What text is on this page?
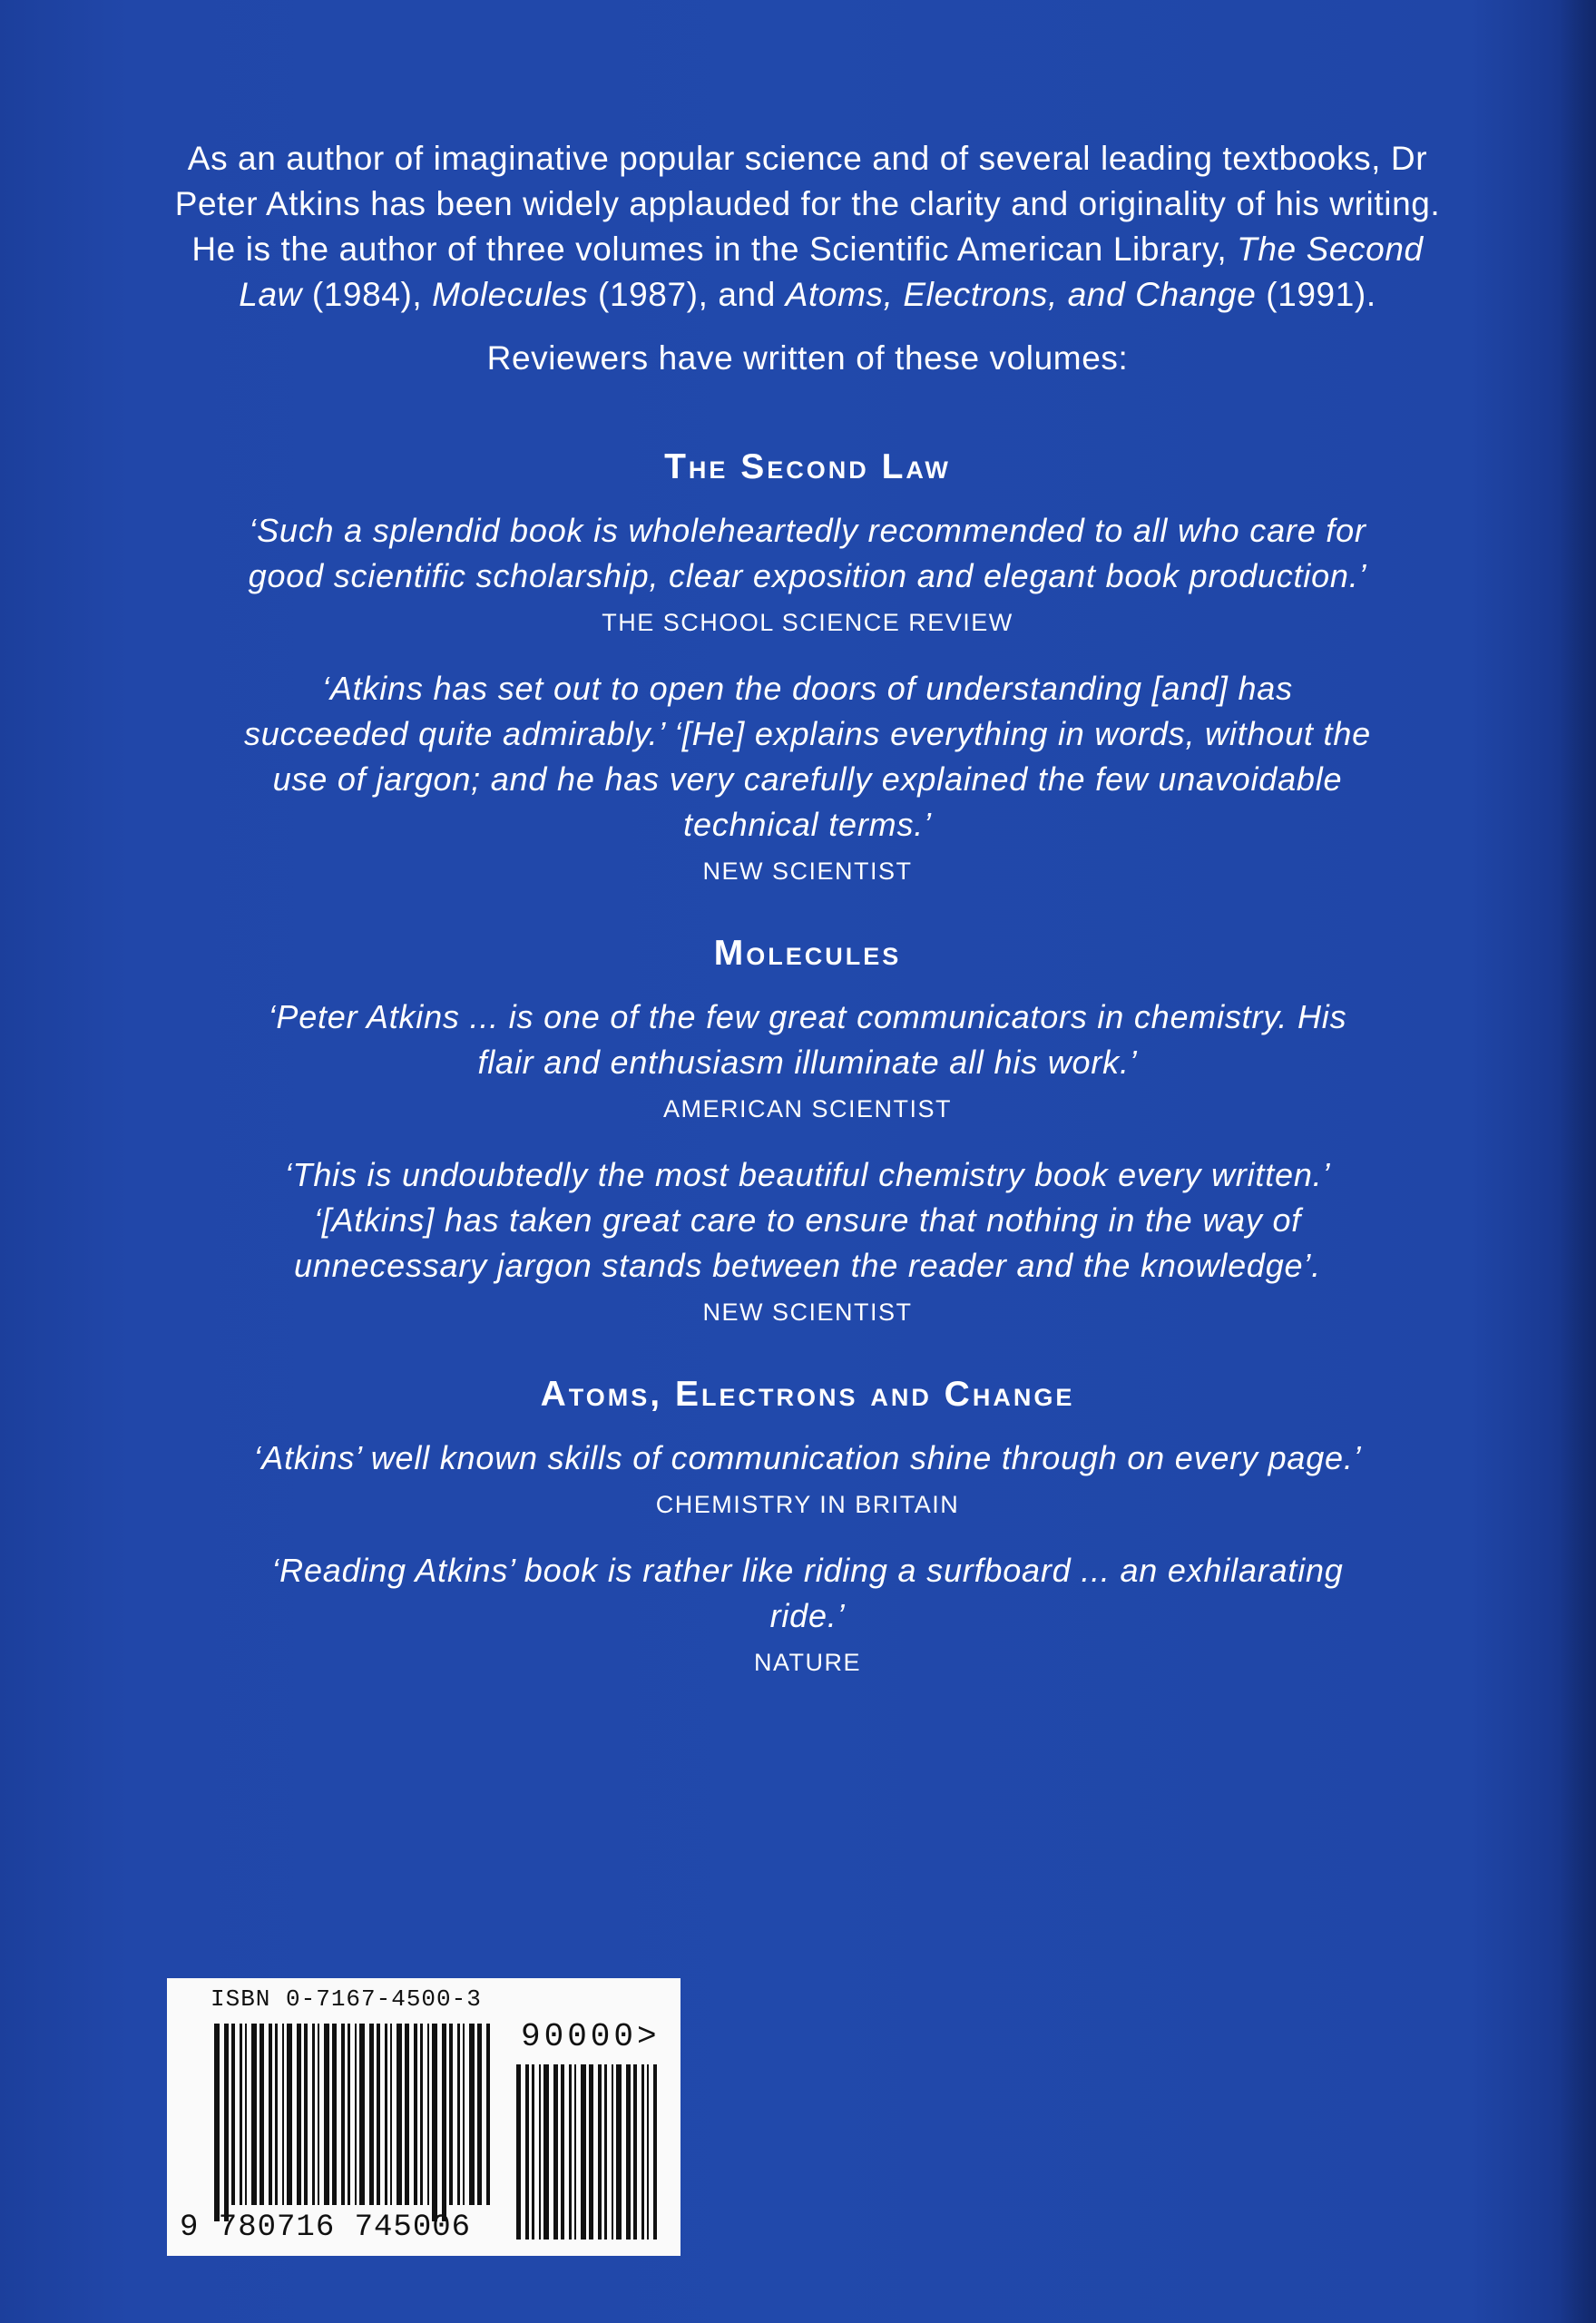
As an author of imaginative popular science and of several leading textbooks, Dr Peter Atkins has been widely applauded for the clarity and originality of his writing. He is the author of three volumes in the Scientific American Library, The Second Law (1984), Molecules (1987), and Atoms, Electrons, and Change (1991).

Reviewers have written of these volumes:

The Second Law
‘Such a splendid book is wholeheartedly recommended to all who care for good scientific scholarship, clear exposition and elegant book production.’
THE SCHOOL SCIENCE REVIEW
‘Atkins has set out to open the doors of understanding [and] has succeeded quite admirably.’ ‘[He] explains everything in words, without the use of jargon; and he has very carefully explained the few unavoidable technical terms.’
NEW SCIENTIST
Molecules
‘Peter Atkins ... is one of the few great communicators in chemistry. His flair and enthusiasm illuminate all his work.’
AMERICAN SCIENTIST
‘This is undoubtedly the most beautiful chemistry book every written.’ ‘[Atkins] has taken great care to ensure that nothing in the way of unnecessary jargon stands between the reader and the knowledge’.
NEW SCIENTIST
Atoms, Electrons and Change
‘Atkins’ well known skills of communication shine through on every page.’
CHEMISTRY IN BRITAIN
‘Reading Atkins’ book is rather like riding a surfboard ... an exhilarating ride.’
NATURE
ISBN 0-7167-4500-3
90000>
9 780716 745006
